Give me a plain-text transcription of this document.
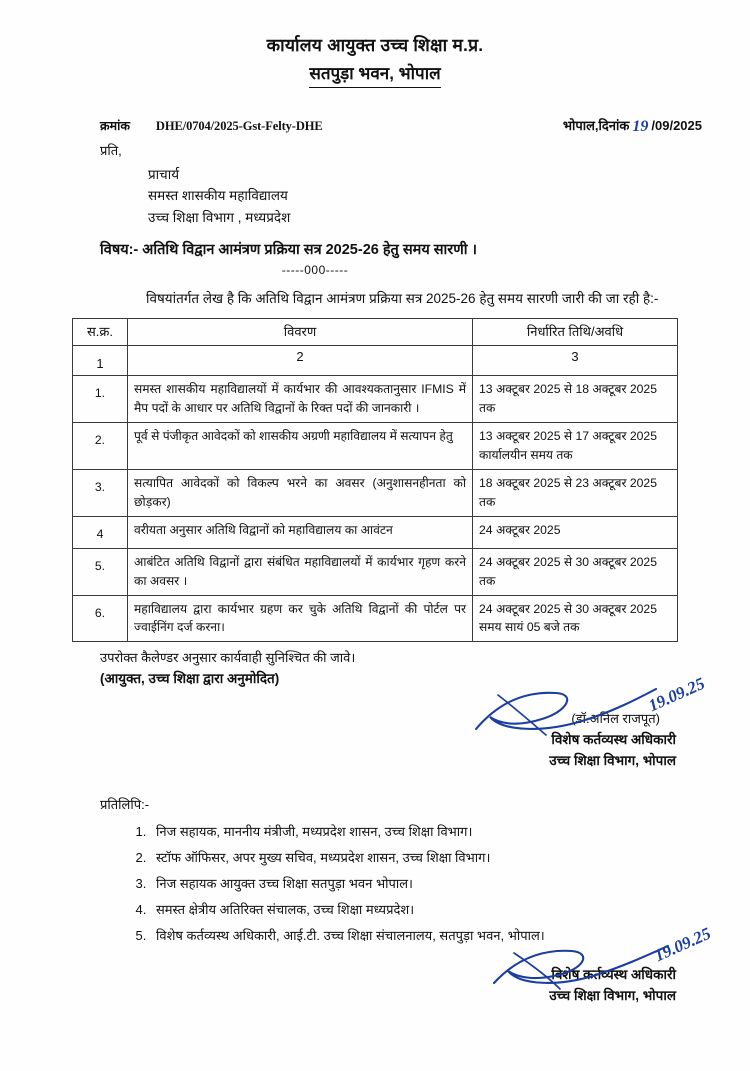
कार्यालय आयुक्त उच्च शिक्षा म.प्र.
सतपुड़ा भवन, भोपाल
क्रमांक DHE/0704/2025-Gst-Felty-DHE	भोपाल,दिनांक 19 /09/2025
प्रति,
प्राचार्य
समस्त शासकीय महाविद्यालय
उच्च शिक्षा विभाग , मध्यप्रदेश
विषय:- अतिथि विद्वान आमंत्रण प्रक्रिया सत्र 2025-26 हेतु समय सारणी ।
-----000-----
विषयांतर्गत लेख है कि अतिथि विद्वान आमंत्रण प्रक्रिया सत्र 2025-26 हेतु समय सारणी जारी की जा रही है:-
स.क्र.	विवरण	निर्धारित तिथि/अवधि
1	2	3
1.	समस्त शासकीय महाविद्यालयों में कार्यभार की आवश्यकतानुसार IFMIS में मैप पदों के आधार पर अतिथि विद्वानों के रिक्त पदों की जानकारी ।	13 अक्टूबर 2025 से 18 अक्टूबर 2025 तक
2.	पूर्व से पंजीकृत आवेदकों को शासकीय अग्रणी महाविद्यालय में सत्यापन हेतु	13 अक्टूबर 2025 से 17 अक्टूबर 2025 कार्यालयीन समय तक
3.	सत्यापित आवेदकों को विकल्प भरने का अवसर (अनुशासनहीनता को छोड़कर)	18 अक्टूबर 2025 से 23 अक्टूबर 2025 तक
4	वरीयता अनुसार अतिथि विद्वानों को महाविद्यालय का आवंटन	24 अक्टूबर 2025
5.	आबंटित अतिथि विद्वानों द्वारा संबंधित महाविद्यालयों में कार्यभार गृहण करने का अवसर ।	24 अक्टूबर 2025 से 30 अक्टूबर 2025 तक
6.	महाविद्यालय द्वारा कार्यभार ग्रहण कर चुके अतिथि विद्वानों की पोर्टल पर ज्वाईनिंग दर्ज करना।	24 अक्टूबर 2025 से 30 अक्टूबर 2025 समय सायं 05 बजे तक
उपरोक्त कैलेण्डर अनुसार कार्यवाही सुनिश्चित की जावे।
(आयुक्त, उच्च शिक्षा द्वारा अनुमोदित)	19.09.25
(डॉ.अनिल राजपूत)
विशेष कर्तव्यस्थ अधिकारी
उच्च शिक्षा विभाग, भोपाल
प्रतिलिपि:-
1. निज सहायक, माननीय मंत्रीजी, मध्यप्रदेश शासन, उच्च शिक्षा विभाग।
2. स्टॉफ ऑफिसर, अपर मुख्य सचिव, मध्यप्रदेश शासन, उच्च शिक्षा विभाग।
3. निज सहायक आयुक्त उच्च शिक्षा सतपुड़ा भवन भोपाल।
4. समस्त क्षेत्रीय अतिरिक्त संचालक, उच्च शिक्षा मध्यप्रदेश।
5. विशेष कर्तव्यस्थ अधिकारी, आई.टी. उच्च शिक्षा संचालनालय, सतपुड़ा भवन, भोपाल।	19.09.25
विशेष कर्तव्यस्थ अधिकारी
उच्च शिक्षा विभाग, भोपाल
